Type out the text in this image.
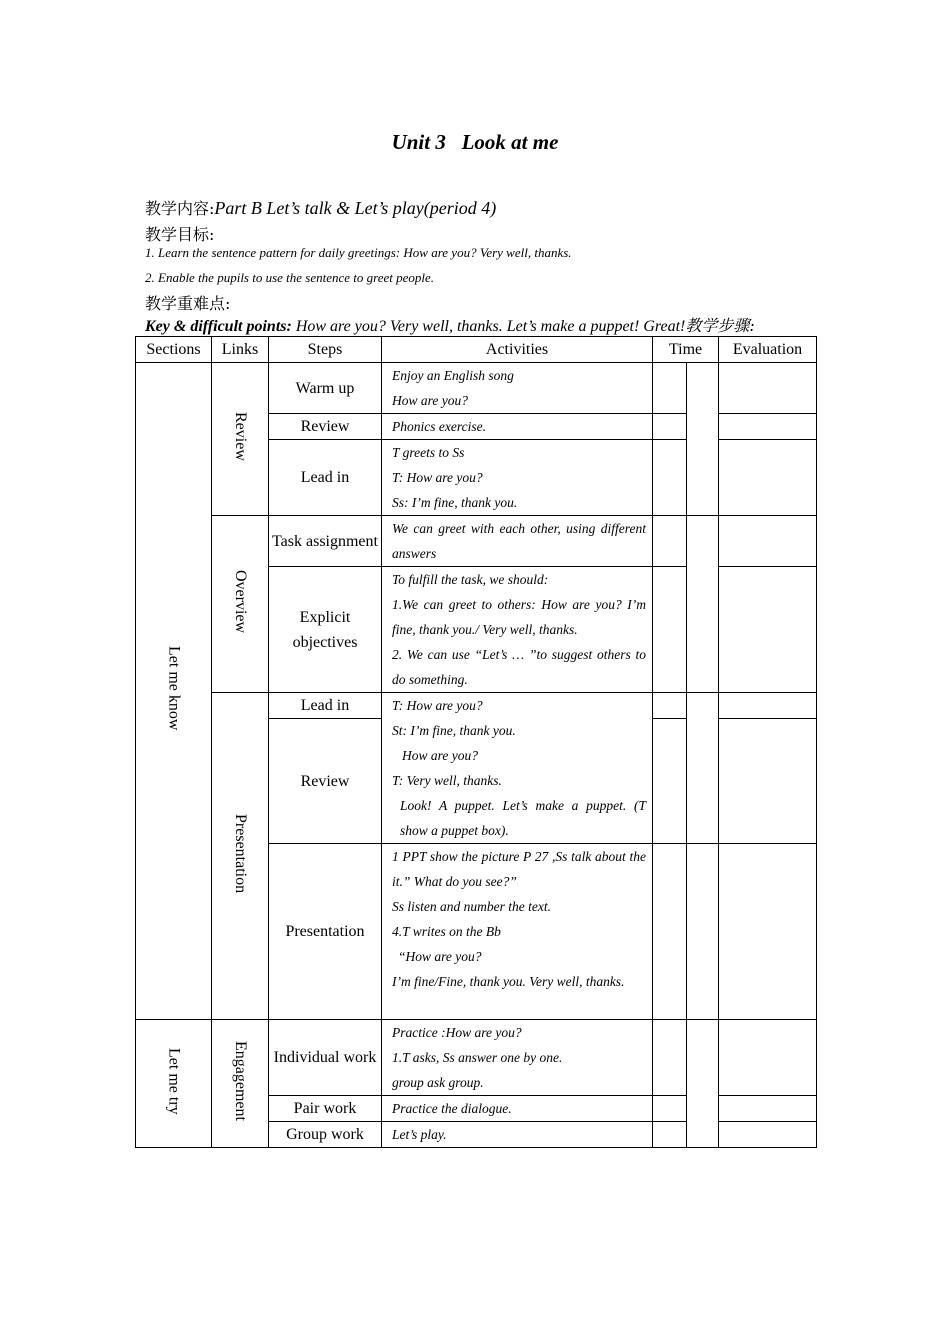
Unit 3   Look at me
教学内容:Part B Let’s talk & Let’s play(period 4)
教学目标:
1. Learn the sentence pattern for daily greetings: How are you? Very well, thanks.
2. Enable the pupils to use the sentence to greet people.
教学重难点:
Key & difficult points: How are you? Very well, thanks. Let’s make a puppet! Great!教学步骤:
Sections	Links	Steps	Activities	Time		Evaluation
Let me know	Review	Warm up	Enjoy an English song
How are you?			

		Review	Phonics exercise.			

		Lead in	T greets to Ss
T: How are you?
Ss: I’m fine, thank you.			

	Overview	Task assignment	We can greet with each other, using different answers			

		Explicit objectives	To fulfill the task, we should:
1.We can greet to others: How are you? I’m fine, thank you./ Very well, thanks.
2. We can use “Let’s … ”to suggest others to do something.			

	Presentation	Lead in	T: How are you?
St: I’m fine, thank you.
How are you?
T: Very well, thanks.
Look! A puppet. Let’s make a puppet. (T show a puppet box).			

		Review				
		Presentation	1 PPT show the picture P 27 ,Ss talk about the it.” What do you see?”
Ss listen and number the text.
4.T writes on the Bb
“How are you?
I’m fine/Fine, thank you. Very well, thanks.			

Let me try	Engagement	Individual work	Practice :How are you?
1.T asks, Ss answer one by one.
group ask group.			

		Pair work	Practice the dialogue.			

		Group work	Let’s play.			
